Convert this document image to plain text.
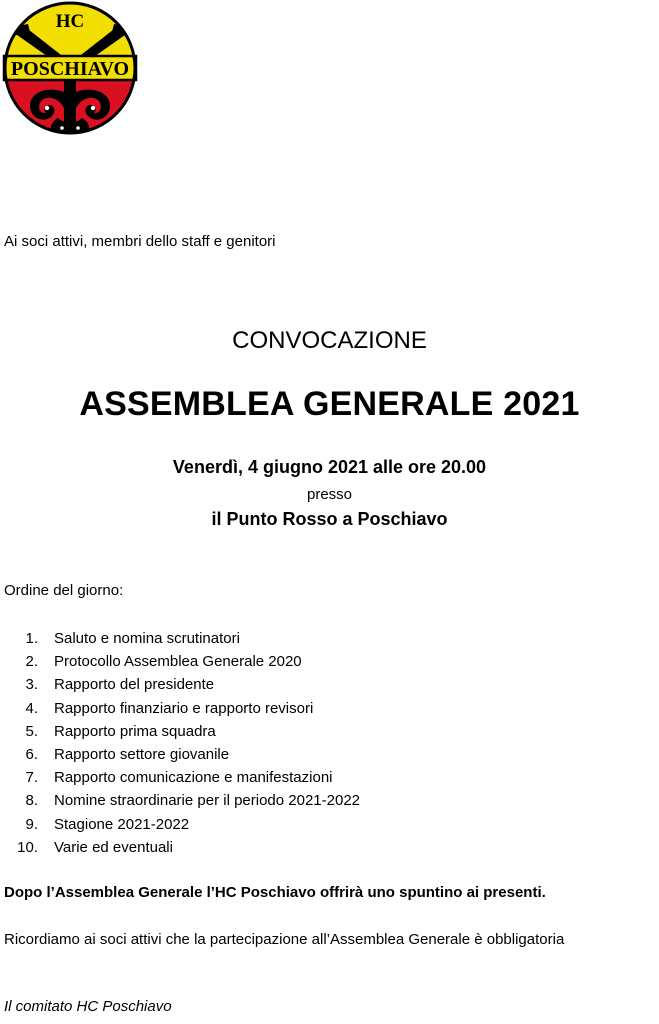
POSCHIAVO
HC
Ai soci attivi, membri dello staff e genitori
CONVOCAZIONE
ASSEMBLEA GENERALE 2021
Venerdì, 4 giugno 2021 alle ore 20.00
presso
il Punto Rosso a Poschiavo
Ordine del giorno:
1. Saluto e nomina scrutinatori
2. Protocollo Assemblea Generale 2020
3. Rapporto del presidente
4. Rapporto finanziario e rapporto revisori
5. Rapporto prima squadra
6. Rapporto settore giovanile
7. Rapporto comunicazione e manifestazioni
8. Nomine straordinarie per il periodo 2021-2022
9. Stagione 2021-2022
10. Varie ed eventuali
Dopo l’Assemblea Generale l’HC Poschiavo offrirà uno spuntino ai presenti.
Ricordiamo ai soci attivi che la partecipazione all’Assemblea Generale è obbligatoria
Il comitato HC Poschiavo
